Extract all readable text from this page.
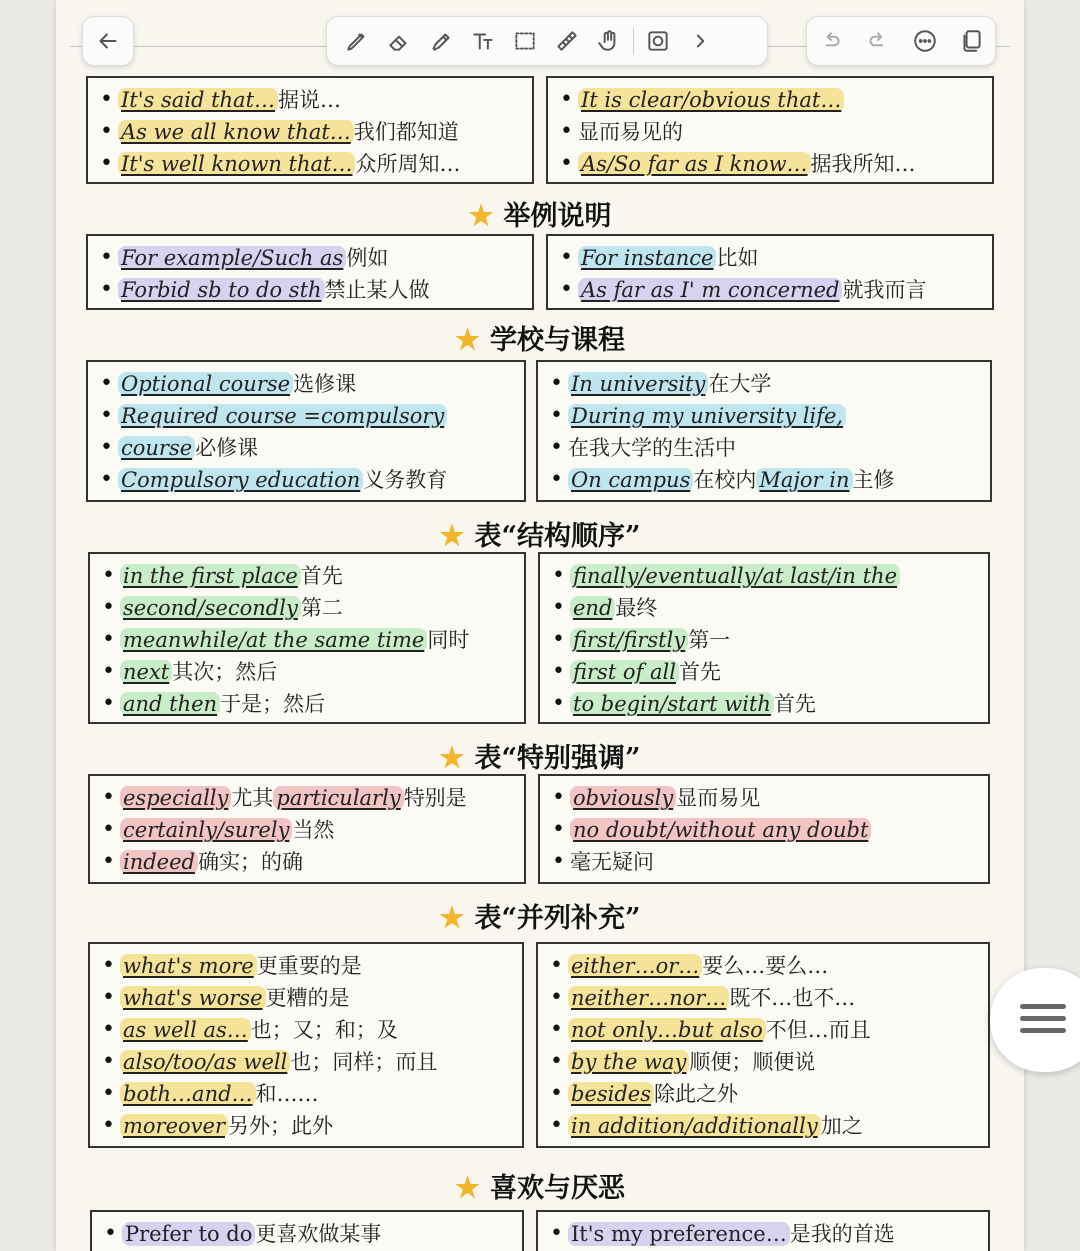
• It's said that… 据说…
• As we all know that… 我们都知道
• It's well known that… 众所周知…
• It is clear/obvious that…
• 显而易见的
• As/So far as I know… 据我所知…
★ 举例说明
• For example/Such as 例如
• Forbid sb to do sth 禁止某人做
• For instance 比如
• As far as I' m concerned 就我而言
★ 学校与课程
• Optional course 选修课
• Required course =compulsory
• course 必修课
• Compulsory education 义务教育
• In university 在大学
• During my university life,
• 在我大学的生活中
• On campus 在校内 Major in 主修
★ 表“结构顺序”
• in the first place 首先
• second/secondly 第二
• meanwhile/at the same time 同时
• next 其次；然后
• and then 于是；然后
• finally/eventually/at last/in the
• end 最终
• first/firstly 第一
• first of all 首先
• to begin/start with 首先
★ 表“特别强调”
• especially 尤其 particularly 特别是
• certainly/surely 当然
• indeed 确实；的确
• obviously 显而易见
• no doubt/without any doubt
• 毫无疑问
★ 表“并列补充”
• what's more 更重要的是
• what's worse 更糟的是
• as well as… 也；又；和；及
• also/too/as well 也；同样；而且
• both…and… 和……
• moreover 另外；此外
• either…or… 要么…要么…
• neither…nor… 既不…也不…
• not only…but also 不但…而且
• by the way 顺便；顺便说
• besides 除此之外
• in addition/additionally 加之
★ 喜欢与厌恶
• Prefer to do 更喜欢做某事
•	It's my preference… 是我的首选
